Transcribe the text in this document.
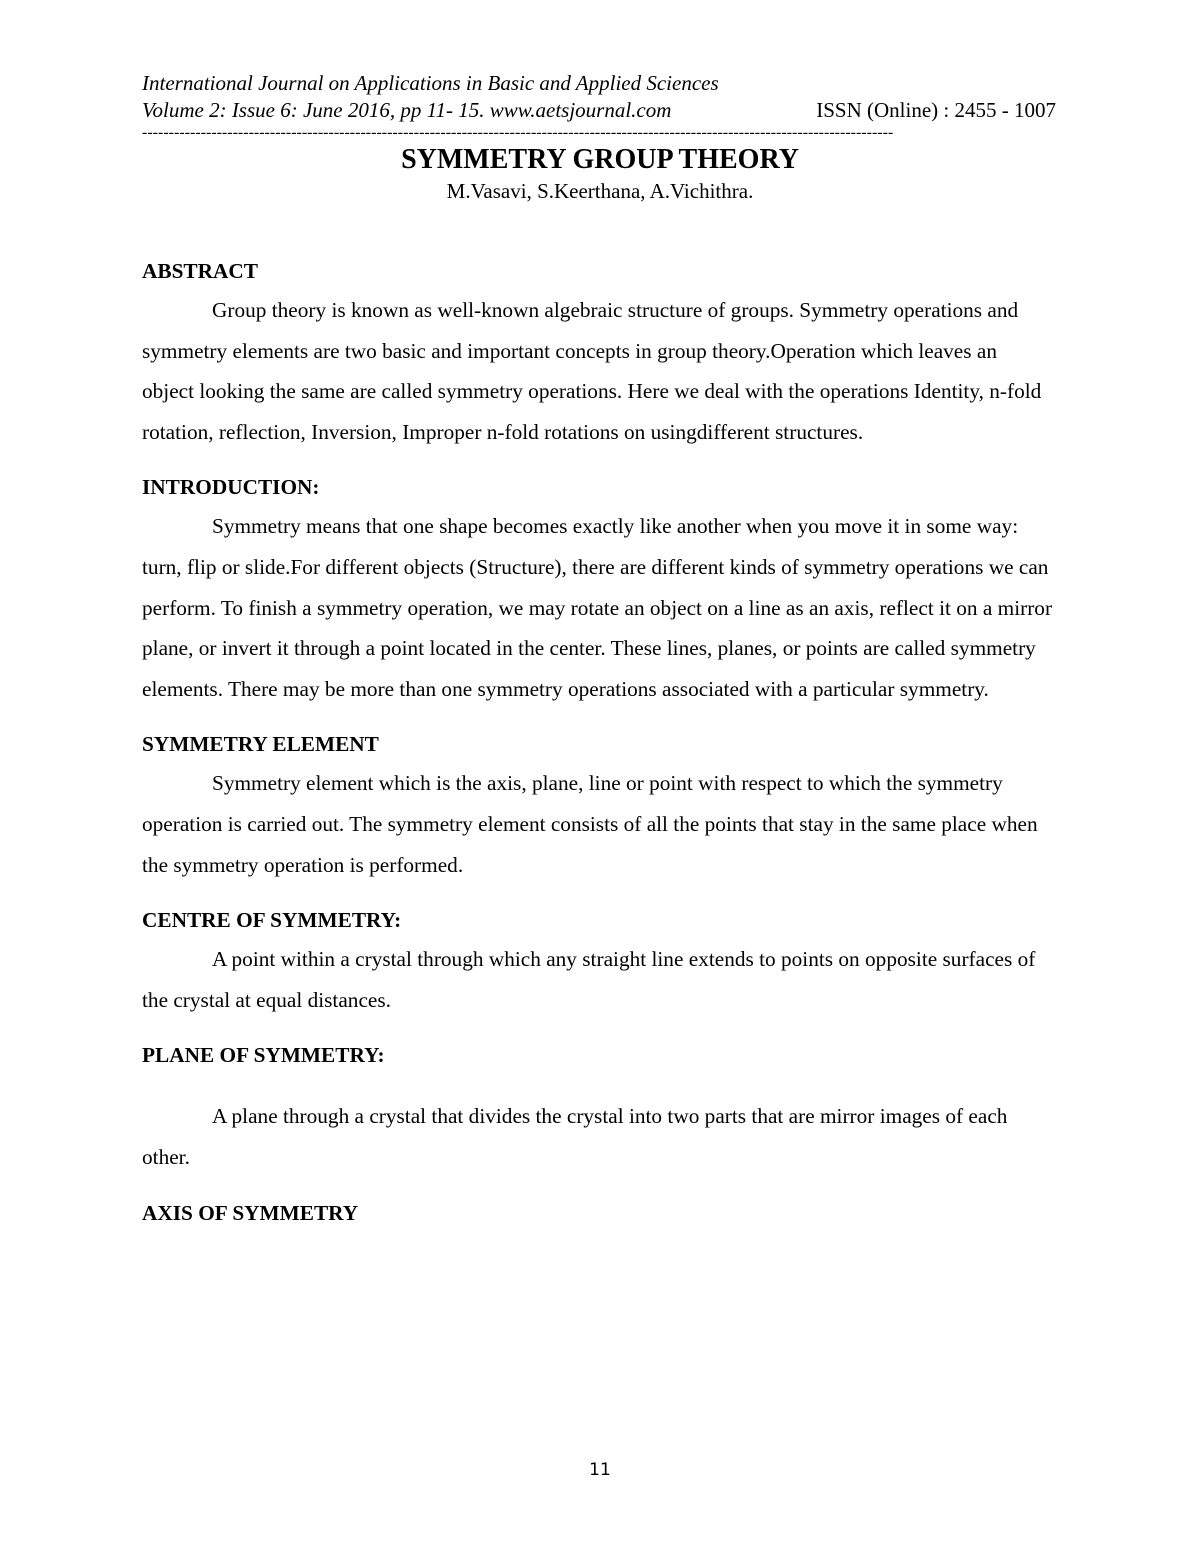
International Journal on Applications in Basic and Applied Sciences
Volume 2: Issue 6: June 2016, pp 11- 15. www.aetsjournal.com	ISSN (Online) : 2455 - 1007
---------------------------------------------------------------------------------------------------------------------------------------------
SYMMETRY GROUP THEORY
M.Vasavi, S.Keerthana, A.Vichithra.
ABSTRACT

Group theory is known as well-known algebraic structure of groups. Symmetry operations and symmetry elements are two basic and important concepts in group theory.Operation which leaves an object looking the same are called symmetry operations. Here we deal with the operations Identity, n-fold rotation, reflection, Inversion, Improper n-fold rotations on usingdifferent structures.

INTRODUCTION:

Symmetry means that one shape becomes exactly like another when you move it in some way: turn, flip or slide.For different objects (Structure), there are different kinds of symmetry operations we can perform. To finish a symmetry operation, we may rotate an object on a line as an axis, reflect it on a mirror plane, or invert it through a point located in the center. These lines, planes, or points are called symmetry elements. There may be more than one symmetry operations associated with a particular symmetry.

SYMMETRY ELEMENT

Symmetry element which is the axis, plane, line or point with respect to which the symmetry operation is carried out. The symmetry element consists of all the points that stay in the same place when the symmetry operation is performed.

CENTRE OF SYMMETRY:

A point within a crystal through which any straight line extends to points on opposite surfaces of the crystal at equal distances.

PLANE OF SYMMETRY:

A plane through a crystal that divides the crystal into two parts that are mirror images of each other.

AXIS OF SYMMETRY
11
